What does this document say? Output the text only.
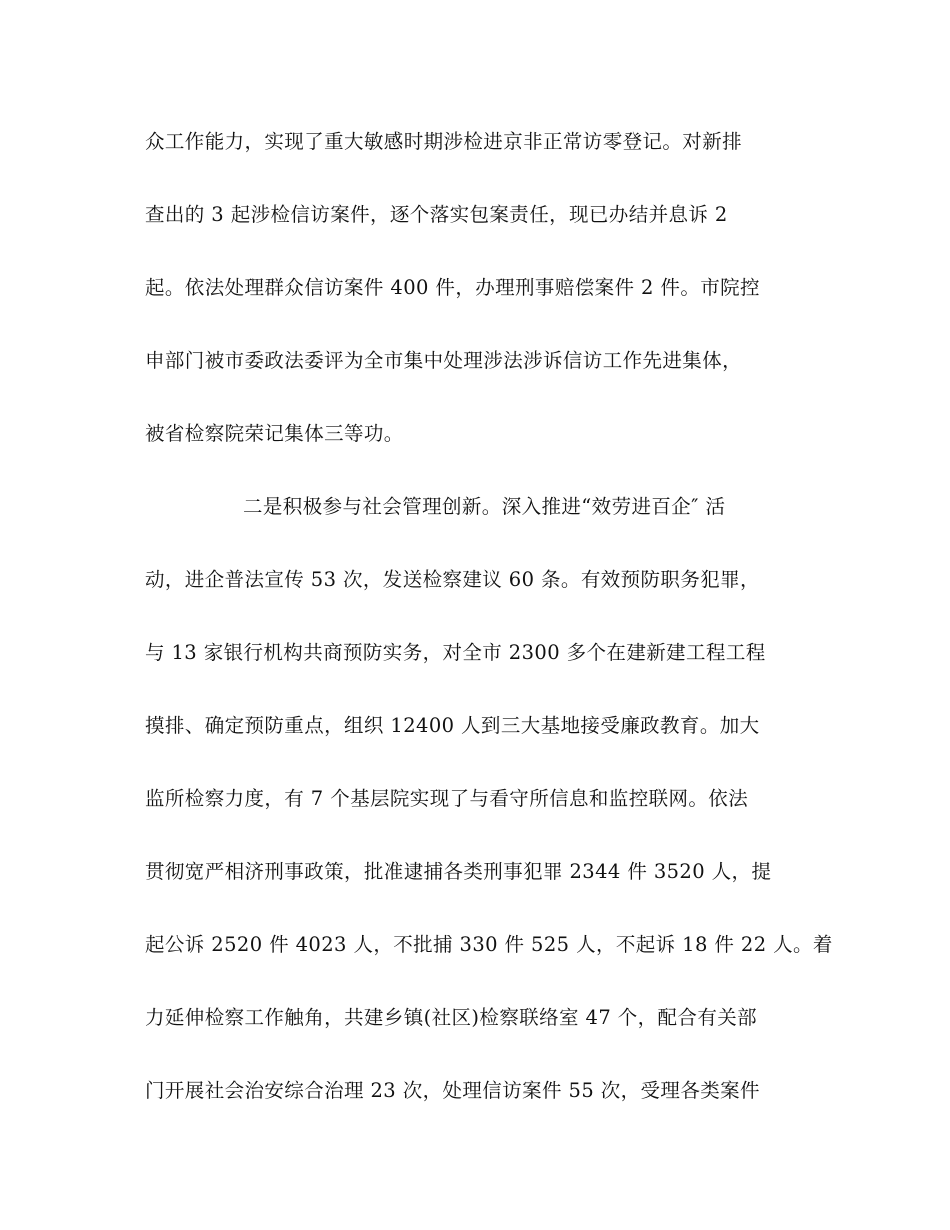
众工作能力，实现了重大敏感时期涉检进京非正常访零登记。对新排
查出的 3 起涉检信访案件，逐个落实包案责任，现已办结并息诉 2
起。依法处理群众信访案件 400 件，办理刑事赔偿案件 2 件。市院控
申部门被市委政法委评为全市集中处理涉法涉诉信访工作先进集体，
被省检察院荣记集体三等功。
二是积极参与社会管理创新。深入推进“效劳进百企″ 活
动，进企普法宣传 53 次，发送检察建议 60 条。有效预防职务犯罪，
与 13 家银行机构共商预防实务，对全市 2300 多个在建新建工程工程
摸排、确定预防重点，组织 12400 人到三大基地接受廉政教育。加大
监所检察力度，有 7 个基层院实现了与看守所信息和监控联网。依法
贯彻宽严相济刑事政策，批准逮捕各类刑事犯罪 2344 件 3520 人，提
起公诉 2520 件 4023 人，不批捕 330 件 525 人，不起诉 18 件 22 人。着
力延伸检察工作触角，共建乡镇(社区)检察联络室 47 个，配合有关部
门开展社会治安综合治理 23 次，处理信访案件 55 次，受理各类案件
